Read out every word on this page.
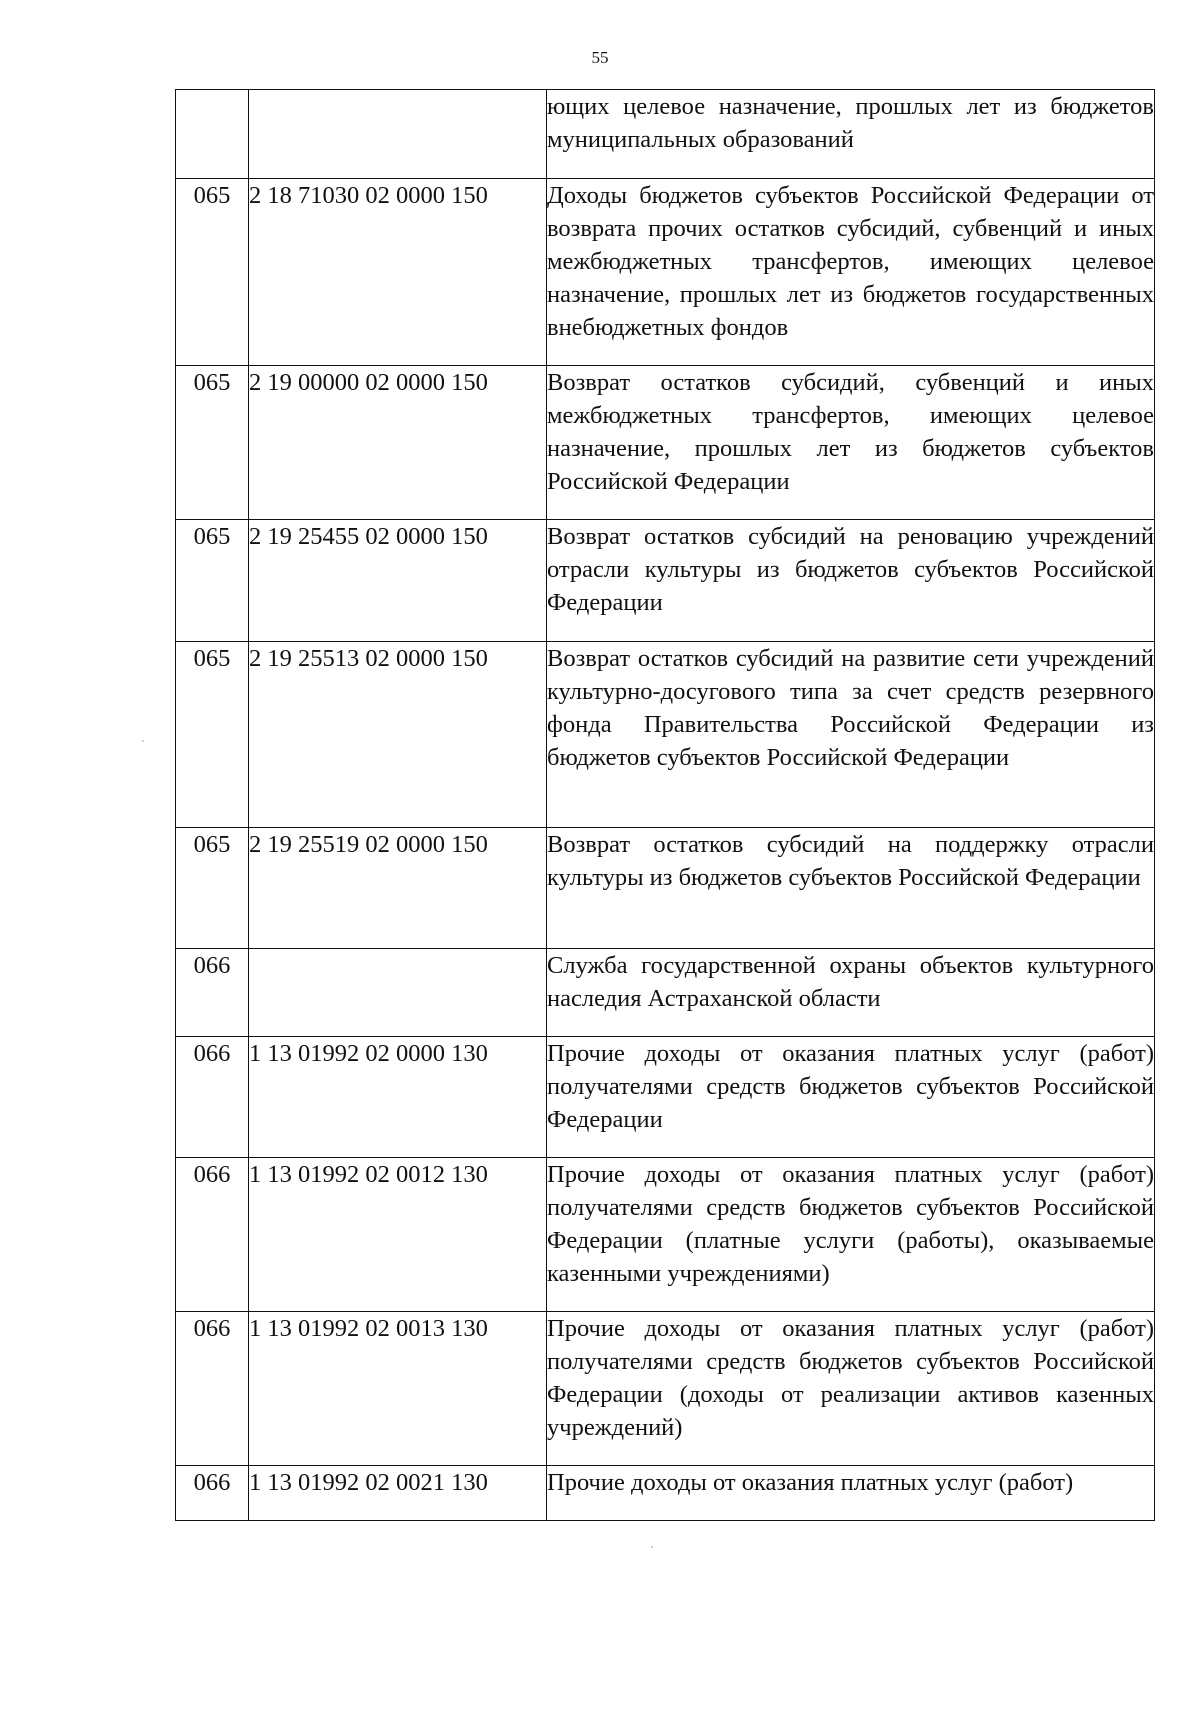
55
		ющих целевое назначение, прошлых лет из бюджетов муниципальных образований
065	2 18 71030 02 0000 150	Доходы бюджетов субъектов Российской Федерации от возврата прочих остатков субсидий, субвенций и иных межбюджетных трансфертов, имеющих целевое назначение, прошлых лет из бюджетов государственных внебюджетных фондов
065	2 19 00000 02 0000 150	Возврат остатков субсидий, субвенций и иных межбюджетных трансфертов, имеющих целевое назначение, прошлых лет из бюджетов субъектов Российской Федерации
065	2 19 25455 02 0000 150	Возврат остатков субсидий на реновацию учреждений отрасли культуры из бюджетов субъектов Российской Федерации
065	2 19 25513 02 0000 150	Возврат остатков субсидий на развитие сети учреждений культурно-досугового типа за счет средств резервного фонда Правительства Российской Федерации из бюджетов субъектов Российской Федерации
065	2 19 25519 02 0000 150	Возврат остатков субсидий на поддержку отрасли культуры из бюджетов субъектов Российской Федерации
066		Служба государственной охраны объектов культурного наследия Астраханской области
066	1 13 01992 02 0000 130	Прочие доходы от оказания платных услуг (работ) получателями средств бюджетов субъектов Российской Федерации
066	1 13 01992 02 0012 130	Прочие доходы от оказания платных услуг (работ) получателями средств бюджетов субъектов Российской Федерации (платные услуги (работы), оказываемые казенными учреждениями)
066	1 13 01992 02 0013 130	Прочие доходы от оказания платных услуг (работ) получателями средств бюджетов субъектов Российской Федерации (доходы от реализации активов казенных учреждений)
066	1 13 01992 02 0021 130	Прочие доходы от оказания платных услуг (работ)
